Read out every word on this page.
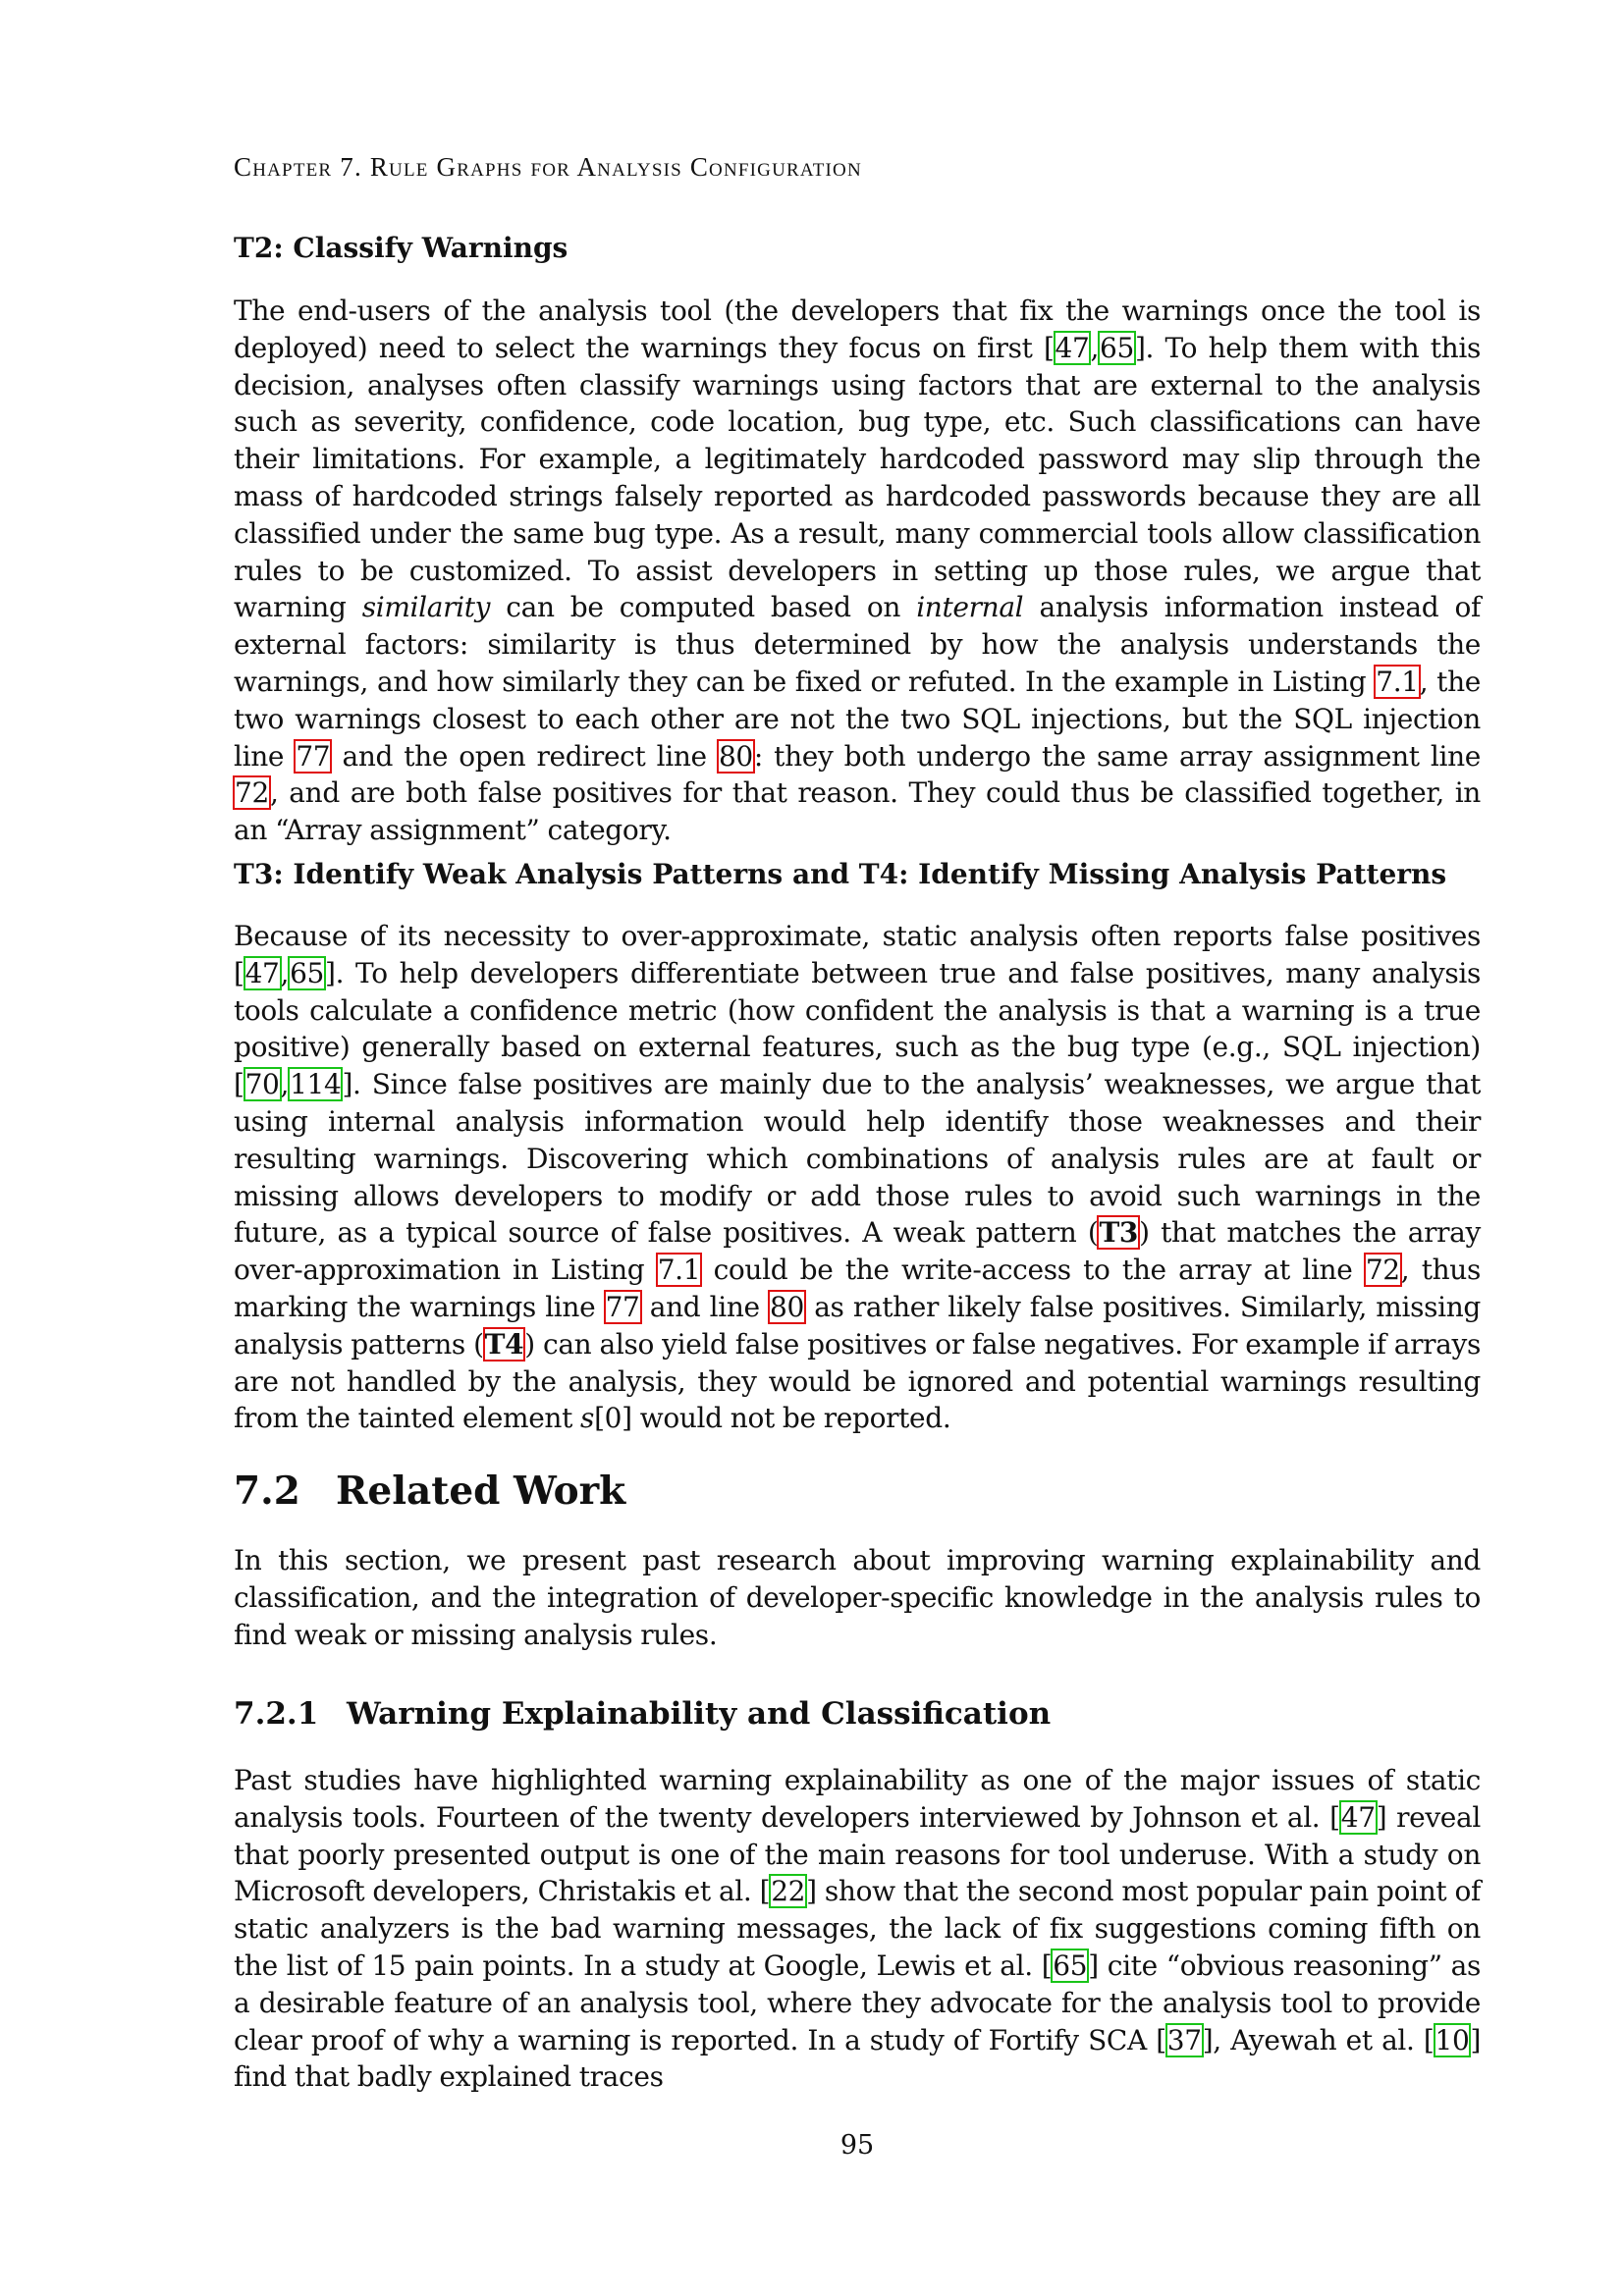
Chapter 7. Rule Graphs for Analysis Configuration
T2: Classify Warnings
The end-users of the analysis tool (the developers that fix the warnings once the tool is deployed) need to select the warnings they focus on first [47,65]. To help them with this decision, analyses often classify warnings using factors that are external to the analysis such as severity, confidence, code location, bug type, etc. Such classifications can have their limitations. For example, a legitimately hardcoded password may slip through the mass of hardcoded strings falsely reported as hardcoded passwords because they are all classified under the same bug type. As a result, many commercial tools allow classification rules to be customized. To assist developers in setting up those rules, we argue that warning similarity can be computed based on internal analysis information instead of external factors: similarity is thus determined by how the analysis understands the warnings, and how similarly they can be fixed or refuted. In the example in Listing 7.1, the two warnings closest to each other are not the two SQL injections, but the SQL injection line 77 and the open redirect line 80: they both undergo the same array assignment line 72, and are both false positives for that reason. They could thus be classified together, in an “Array assignment” category.
T3: Identify Weak Analysis Patterns and T4: Identify Missing Analysis Patterns
Because of its necessity to over-approximate, static analysis often reports false positives [47,65]. To help developers differentiate between true and false positives, many analysis tools calculate a confidence metric (how confident the analysis is that a warning is a true positive) generally based on external features, such as the bug type (e.g., SQL injection) [70,114]. Since false positives are mainly due to the analysis’ weaknesses, we argue that using internal analysis information would help identify those weaknesses and their resulting warnings. Discovering which combinations of analysis rules are at fault or missing allows developers to modify or add those rules to avoid such warnings in the future, as a typical source of false positives. A weak pattern (T3) that matches the array over-approximation in Listing 7.1 could be the write-access to the array at line 72, thus marking the warnings line 77 and line 80 as rather likely false positives. Similarly, missing analysis patterns (T4) can also yield false positives or false negatives. For example if arrays are not handled by the analysis, they would be ignored and potential warnings resulting from the tainted element s[0] would not be reported.
7.2 Related Work
In this section, we present past research about improving warning explainability and classification, and the integration of developer-specific knowledge in the analysis rules to find weak or missing analysis rules.
7.2.1 Warning Explainability and Classification
Past studies have highlighted warning explainability as one of the major issues of static analysis tools. Fourteen of the twenty developers interviewed by Johnson et al. [47] reveal that poorly presented output is one of the main reasons for tool underuse. With a study on Microsoft developers, Christakis et al. [22] show that the second most popular pain point of static analyzers is the bad warning messages, the lack of fix suggestions coming fifth on the list of 15 pain points. In a study at Google, Lewis et al. [65] cite “obvious reasoning” as a desirable feature of an analysis tool, where they advocate for the analysis tool to provide clear proof of why a warning is reported. In a study of Fortify SCA [37], Ayewah et al. [10] find that badly explained traces
95
